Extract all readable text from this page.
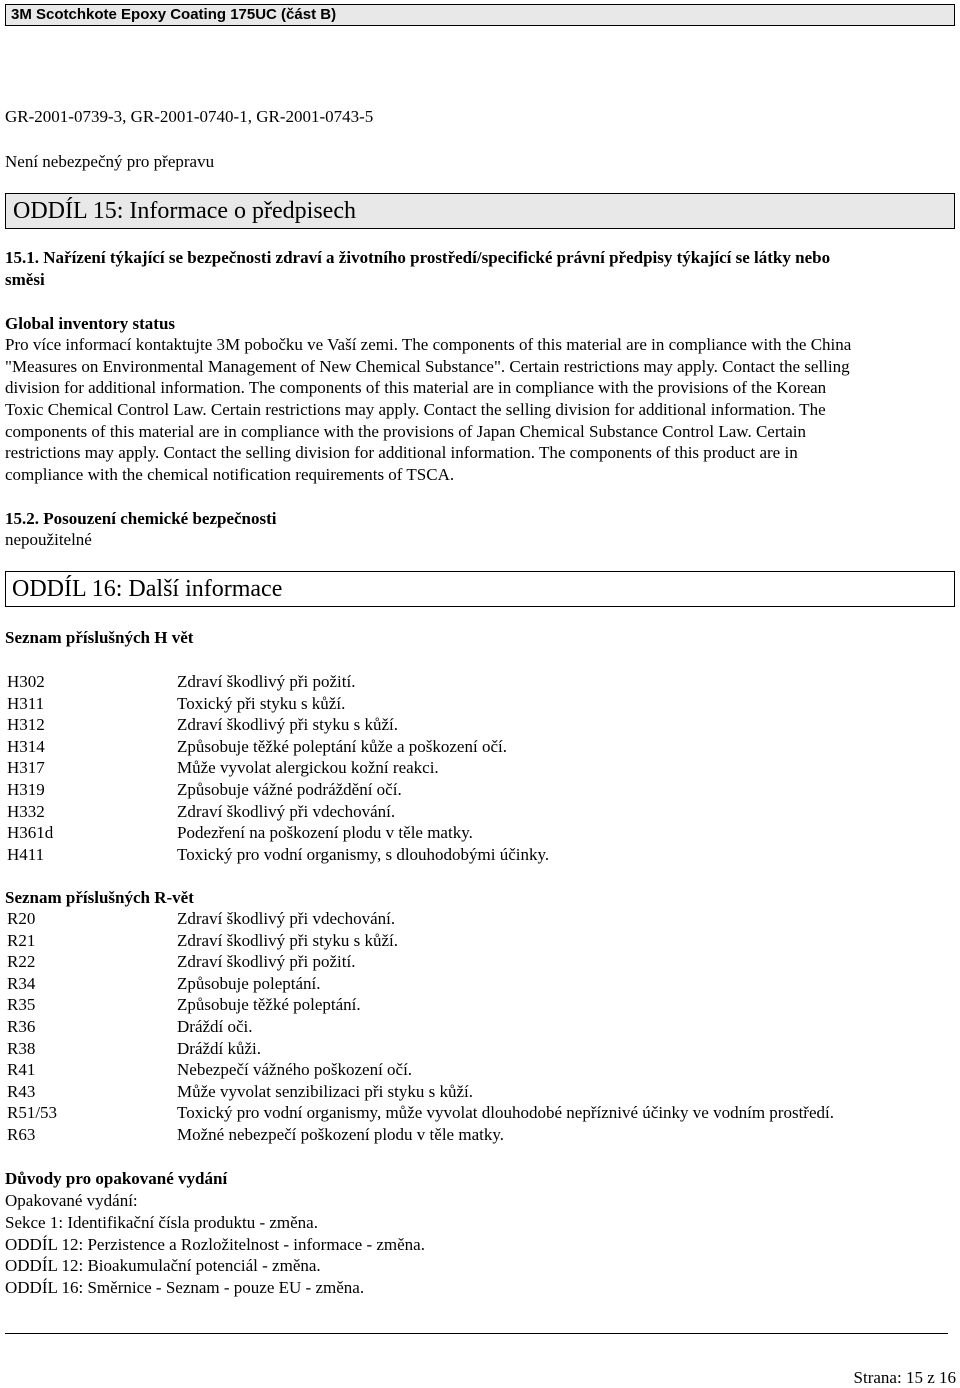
3M Scotchkote Epoxy Coating 175UC (část B)
GR-2001-0739-3, GR-2001-0740-1, GR-2001-0743-5
Není nebezpečný pro přepravu
ODDÍL 15: Informace o předpisech
15.1. Nařízení týkající se bezpečnosti zdraví a životního prostředí/specifické právní předpisy týkající se látky nebo
směsi
Global inventory status
Pro více informací kontaktujte 3M pobočku ve Vaší zemi. The components of this material are in compliance with the China
"Measures on Environmental Management of New Chemical Substance". Certain restrictions may apply. Contact the selling
division for additional information. The components of this material are in compliance with the provisions of the Korean
Toxic Chemical Control Law. Certain restrictions may apply. Contact the selling division for additional information. The
components of this material are in compliance with the provisions of Japan Chemical Substance Control Law. Certain
restrictions may apply. Contact the selling division for additional information. The components of this product are in
compliance with the chemical notification requirements of TSCA.
15.2. Posouzení chemické bezpečnosti
nepoužitelné
ODDÍL 16: Další informace
Seznam příslušných H vět
H302	Zdraví škodlivý při požití.
H311	Toxický při styku s kůží.
H312	Zdraví škodlivý při styku s kůží.
H314	Způsobuje těžké poleptání kůže a poškození očí.
H317	Může vyvolat alergickou kožní reakci.
H319	Způsobuje vážné podráždění očí.
H332	Zdraví škodlivý při vdechování.
H361d	Podezření na poškození plodu v těle matky.
H411	Toxický pro vodní organismy, s dlouhodobými účinky.
Seznam příslušných R-vět
R20	Zdraví škodlivý při vdechování.
R21	Zdraví škodlivý při styku s kůží.
R22	Zdraví škodlivý při požití.
R34	Způsobuje poleptání.
R35	Způsobuje těžké poleptání.
R36	Dráždí oči.
R38	Dráždí kůži.
R41	Nebezpečí vážného poškození očí.
R43	Může vyvolat senzibilizaci při styku s kůží.
R51/53	Toxický pro vodní organismy, může vyvolat dlouhodobé nepříznivé účinky ve vodním prostředí.
R63	Možné nebezpečí poškození plodu v těle matky.
Důvody pro opakované vydání
Opakované vydání:
Sekce 1: Identifikační čísla produktu - změna.
ODDÍL 12: Perzistence a Rozložitelnost - informace - změna.
ODDÍL 12: Bioakumulační potenciál - změna.
ODDÍL 16: Směrnice - Seznam - pouze EU - změna.
Strana: 15 z 16
